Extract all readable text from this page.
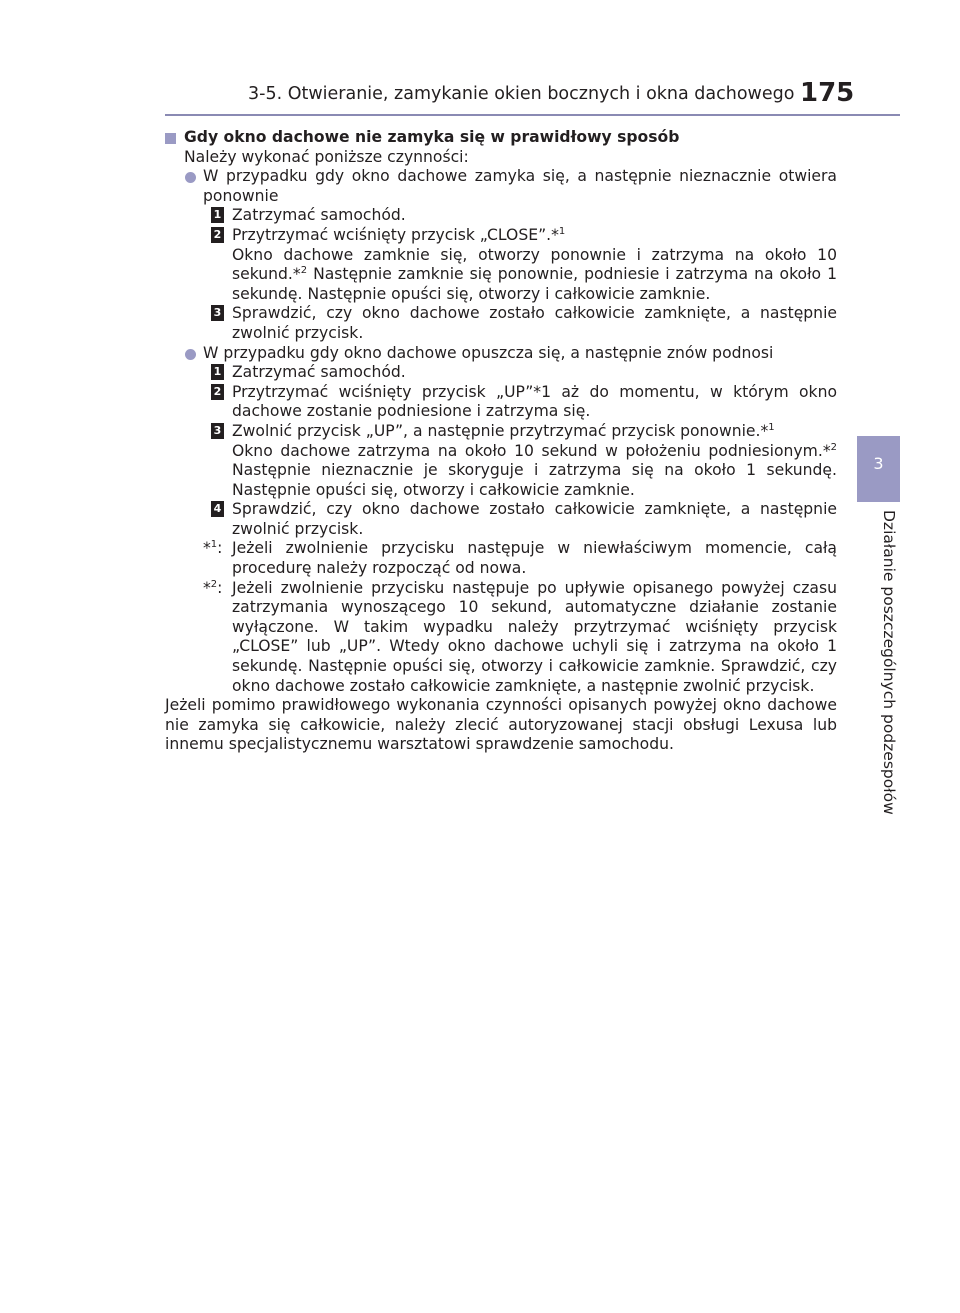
3-5. Otwieranie, zamykanie okien bocznych i okna dachowego 175
3
Działanie poszczególnych podzespołów

Gdy okno dachowe nie zamyka się w prawidłowy sposób

Należy wykonać poniższe czynności:

W przypadku gdy okno dachowe zamyka się, a następnie nieznacznie otwiera ponownie

1 Zatrzymać samochód.

2 Przytrzymać wciśnięty przycisk „CLOSE”.*$^1$
Okno dachowe zamknie się, otworzy ponownie i zatrzyma na około 10 sekund.*$^2$ Następnie zamknie się ponownie, podniesie i zatrzyma na około 1 sekundę. Następnie opuści się, otworzy i całkowicie zamknie.

3 Sprawdzić, czy okno dachowe zostało całkowicie zamknięte, a następnie zwolnić przycisk.

W przypadku gdy okno dachowe opuszcza się, a następnie znów podnosi

1 Zatrzymać samochód.

2 Przytrzymać wciśnięty przycisk „UP”*1 aż do momentu, w którym okno dachowe zostanie podniesione i zatrzyma się.

3 Zwolnić przycisk „UP”, a następnie przytrzymać przycisk ponownie.*$^1$
Okno dachowe zatrzyma na około 10 sekund w położeniu podniesionym.*$^2$ Następnie nieznacznie je skoryguje i zatrzyma się na około 1 sekundę. Następnie opuści się, otworzy i całkowicie zamknie.

4 Sprawdzić, czy okno dachowe zostało całkowicie zamknięte, a następnie zwolnić przycisk.

*$^1$: Jeżeli zwolnienie przycisku następuje w niewłaściwym momencie, całą procedurę należy rozpocząć od nowa.

*$^2$: Jeżeli zwolnienie przycisku następuje po upływie opisanego powyżej czasu zatrzymania wynoszącego 10 sekund, automatyczne działanie zostanie wyłączone. W takim wypadku należy przytrzymać wciśnięty przycisk „CLOSE” lub „UP”. Wtedy okno dachowe uchyli się i zatrzyma na około 1 sekundę. Następnie opuści się, otworzy i całkowicie zamknie. Sprawdzić, czy okno dachowe zostało całkowicie zamknięte, a następnie zwolnić przycisk.

Jeżeli pomimo prawidłowego wykonania czynności opisanych powyżej okno dachowe nie zamyka się całkowicie, należy zlecić autoryzowanej stacji obsługi Lexusa lub innemu specjalistycznemu warsztatowi sprawdzenie samochodu.
